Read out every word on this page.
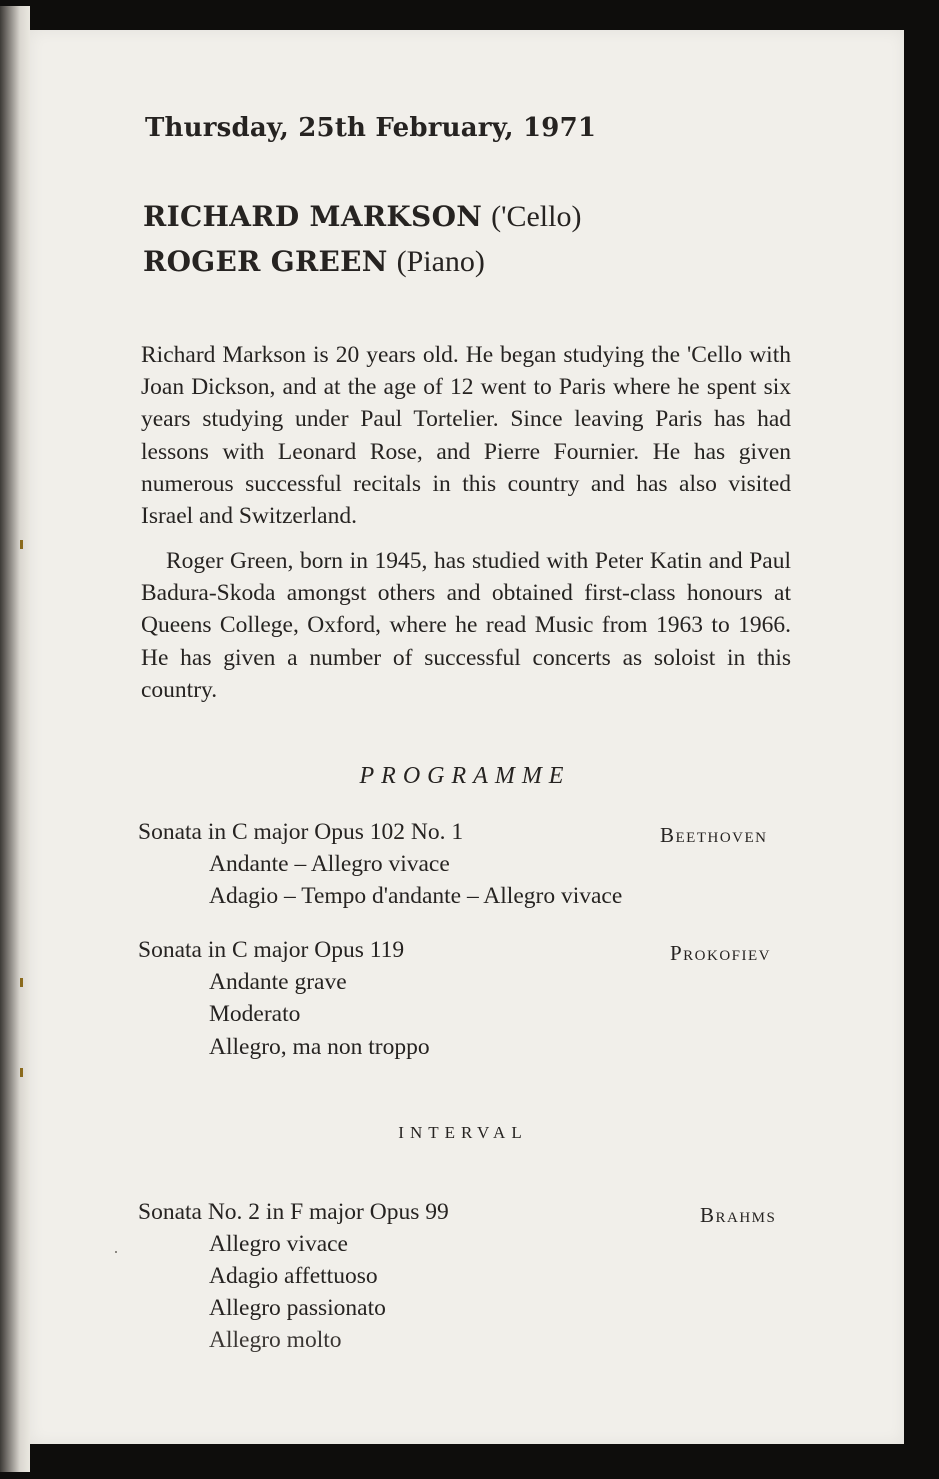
Thursday, 25th February, 1971
RICHARD MARKSON ('Cello)
ROGER GREEN (Piano)

Richard Markson is 20 years old. He began studying the 'Cello with Joan Dickson, and at the age of 12 went to Paris where he spent six years studying under Paul Tortelier. Since leaving Paris has had lessons with Leonard Rose, and Pierre Fournier. He has given numerous successful recitals in this country and has also visited Israel and Switzerland.

Roger Green, born in 1945, has studied with Peter Katin and Paul Badura-Skoda amongst others and obtained first-class honours at Queens College, Oxford, where he read Music from 1963 to 1966. He has given a number of successful concerts as soloist in this country.

PROGRAMME
Sonata in C major Opus 102 No. 1	Beethoven
Andante – Allegro vivace
Adagio – Tempo d'andante – Allegro vivace
Sonata in C major Opus 119	Prokofiev
Andante grave
Moderato
Allegro, ma non troppo
INTERVAL
Sonata No. 2 in F major Opus 99	Brahms
Allegro vivace
Adagio affettuoso
Allegro passionato
Allegro molto
